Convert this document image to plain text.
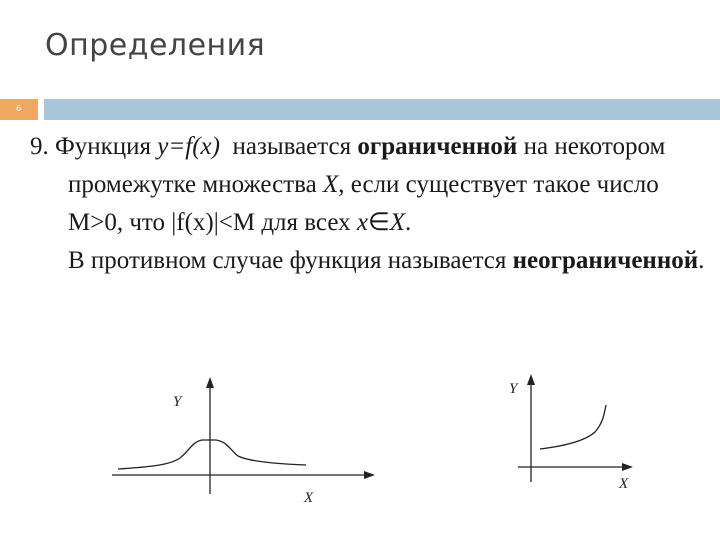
Определения
6

9. Функция y=f(x) называется ограниченной на некотором промежутке множества X, если существует такое число M>0, что |f(x)|<M для всех x∈X.

В противном случае функция называется неограниченной.

Y
X
Y
X
